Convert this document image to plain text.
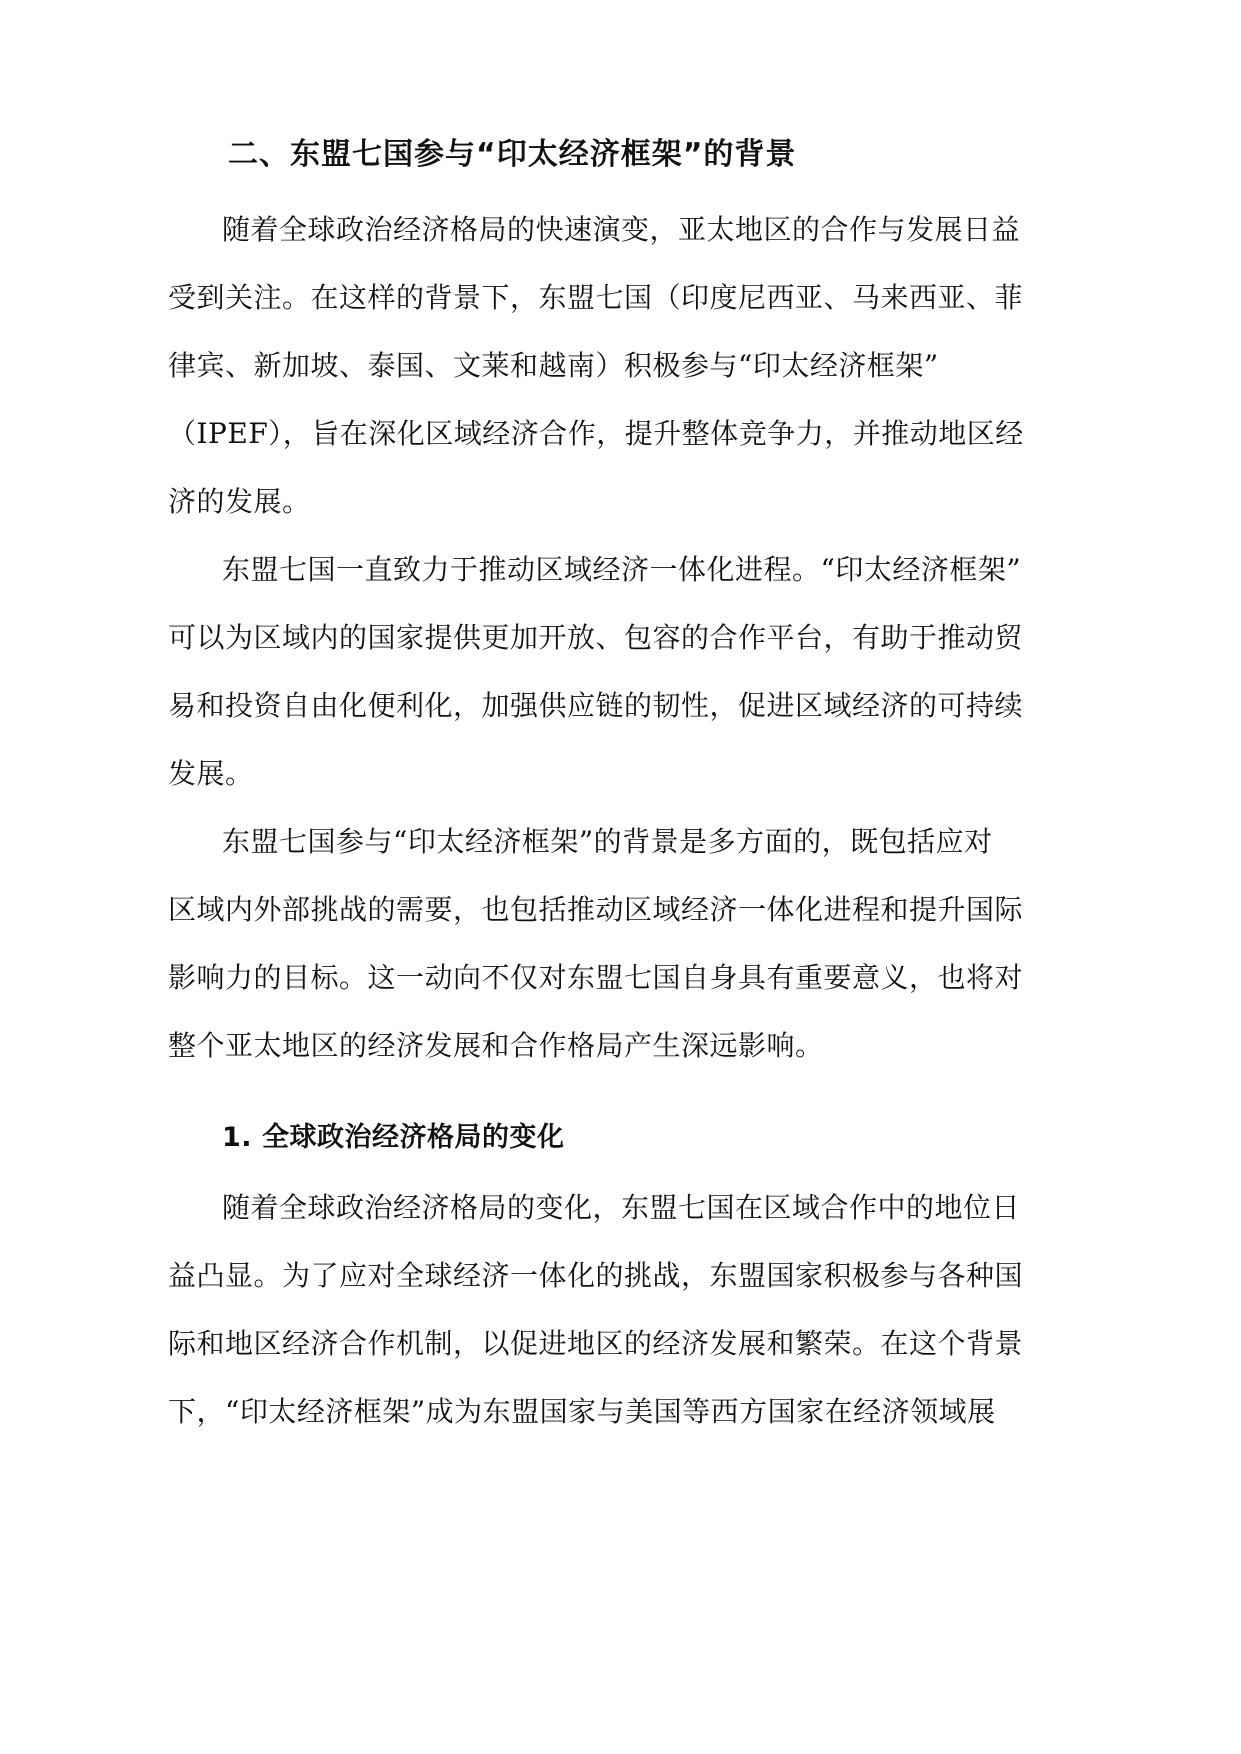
二、东盟七国参与“印太经济框架”的背景
随着全球政治经济格局的快速演变，亚太地区的合作与发展日益
受到关注。在这样的背景下，东盟七国（印度尼西亚、马来西亚、菲
律宾、新加坡、泰国、文莱和越南）积极参与“印太经济框架”
（IPEF），旨在深化区域经济合作，提升整体竞争力，并推动地区经
济的发展。
东盟七国一直致力于推动区域经济一体化进程。“印太经济框架”
可以为区域内的国家提供更加开放、包容的合作平台，有助于推动贸
易和投资自由化便利化，加强供应链的韧性，促进区域经济的可持续
发展。
东盟七国参与“印太经济框架”的背景是多方面的，既包括应对
区域内外部挑战的需要，也包括推动区域经济一体化进程和提升国际
影响力的目标。这一动向不仅对东盟七国自身具有重要意义，也将对
整个亚太地区的经济发展和合作格局产生深远影响。
1. 全球政治经济格局的变化
随着全球政治经济格局的变化，东盟七国在区域合作中的地位日
益凸显。为了应对全球经济一体化的挑战，东盟国家积极参与各种国
际和地区经济合作机制，以促进地区的经济发展和繁荣。在这个背景
下，“印太经济框架”成为东盟国家与美国等西方国家在经济领域展
